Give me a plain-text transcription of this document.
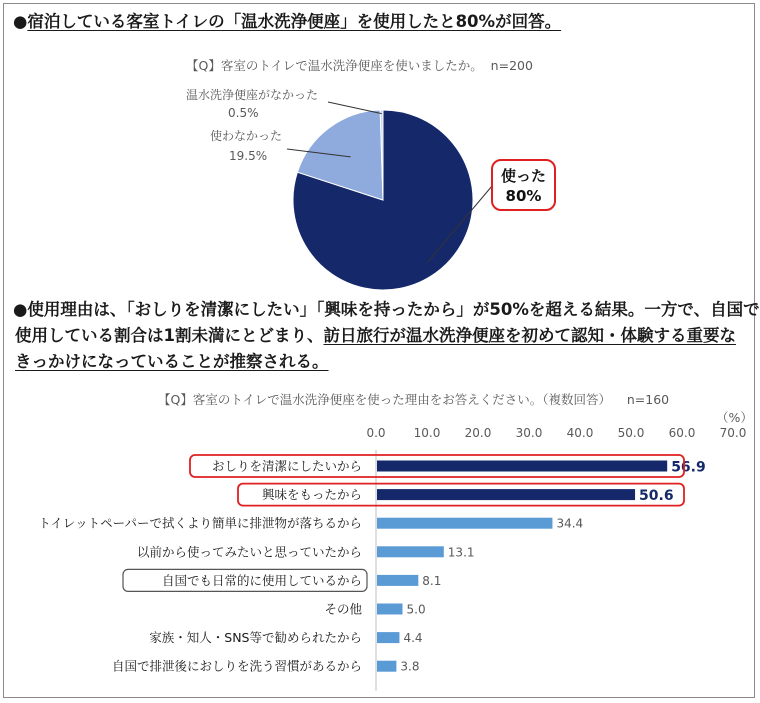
●宿泊している客室トイレの「温水洗浄便座」を使用したと80%が回答。
【Q】客室のトイレで温水洗浄便座を使いましたか。 n=200
使った
80%
使わなかった
19.5%
温水洗浄便座がなかった
0.5%
●使用理由は、「おしりを清潔にしたい」「興味を持ったから」が50%を超える結果。一方で、自国で
使用している割合は1割未満にとどまり、訪日旅行が温水洗浄便座を初めて認知・体験する重要な
きっかけになっていることが推察される。
【Q】客室のトイレで温水洗浄便座を使った理由をお答えください。（複数回答） n=160
（%）
0.0 10.0 20.0 30.0 40.0 50.0 60.0 70.0
おしりを清潔にしたいから	56.9
興味をもったから	50.6
トイレットペーパーで拭くより簡単に排泄物が落ちるから	34.4
以前から使ってみたいと思っていたから	13.1
自国でも日常的に使用しているから	8.1
その他	5.0
家族・知人・SNS等で勧められたから	4.4
自国で排泄後におしりを洗う習慣があるから	3.8
